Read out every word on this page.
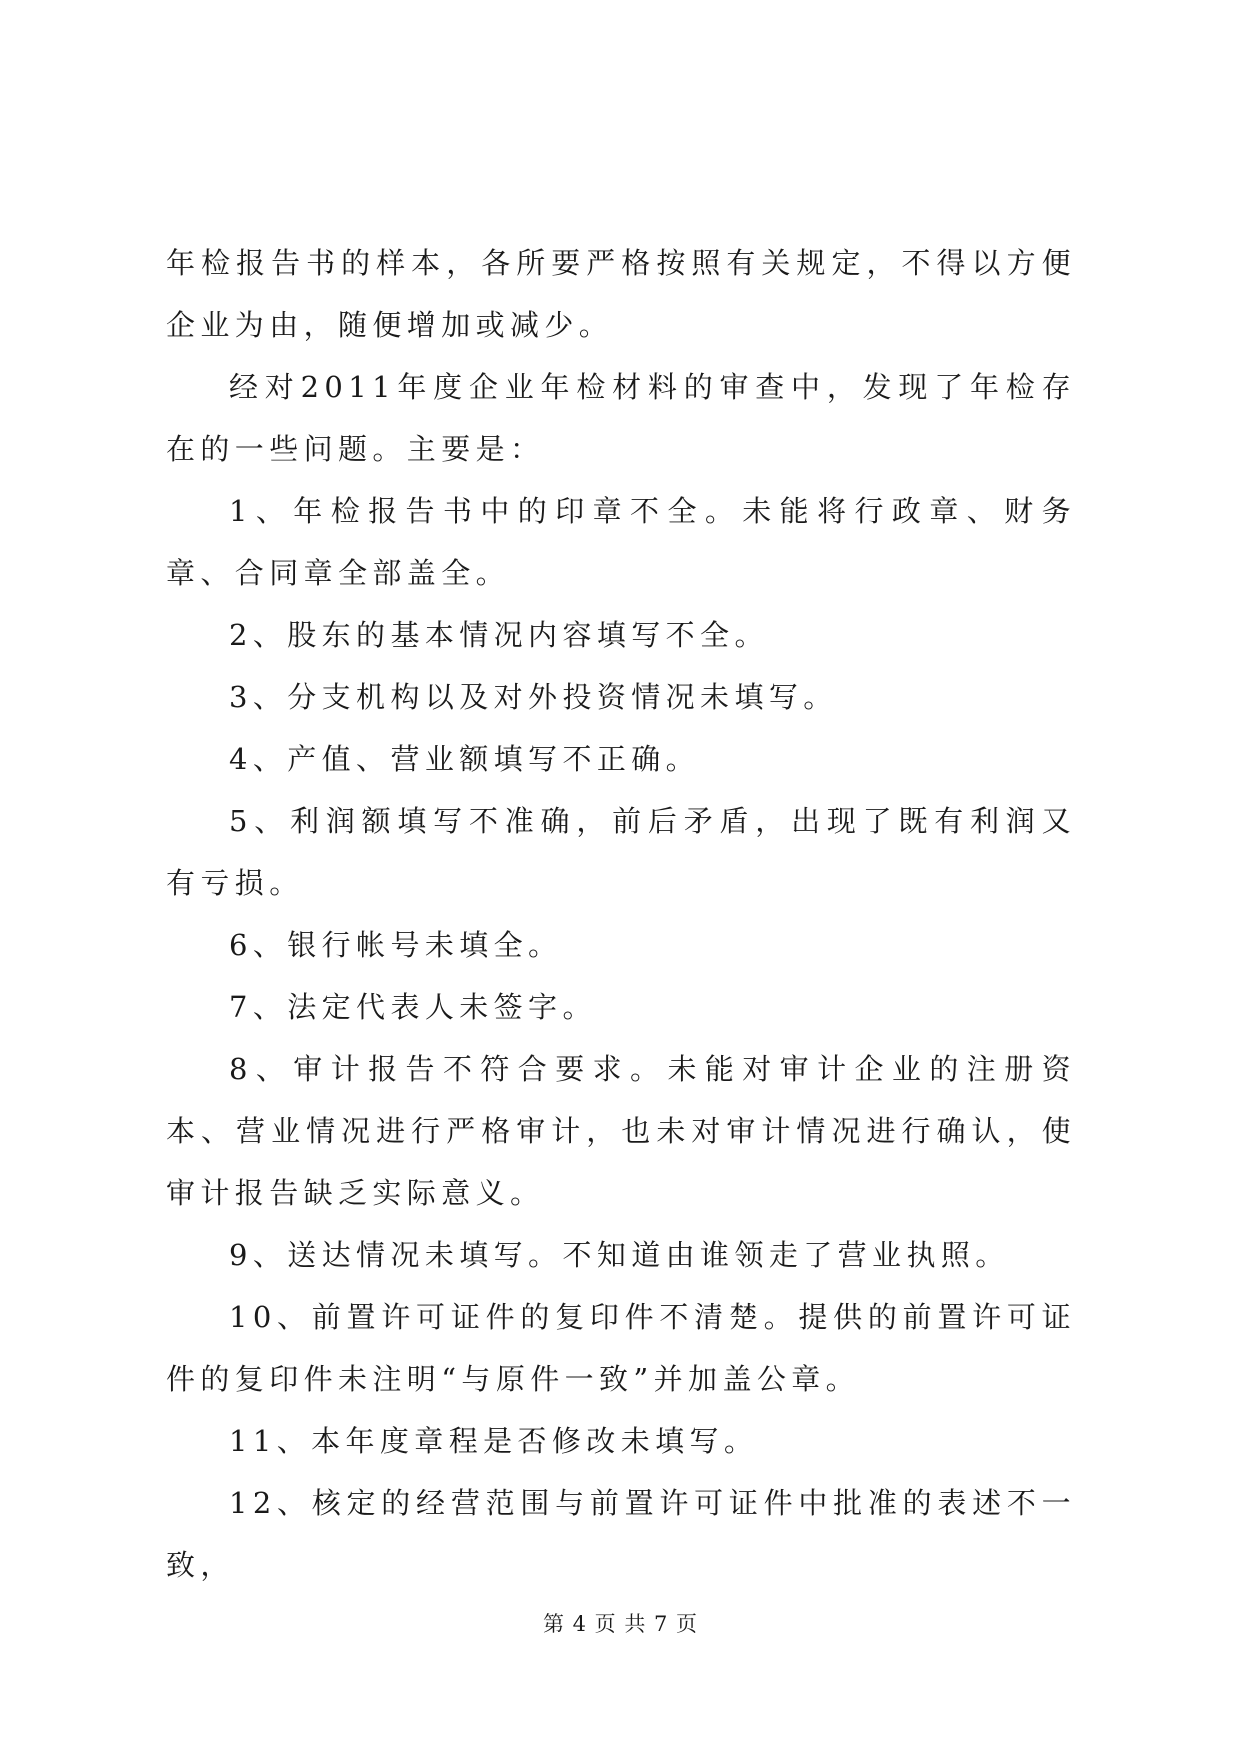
年检报告书的样本，各所要严格按照有关规定，不得以方便企业为由，随便增加或减少。

经对2011年度企业年检材料的审查中，发现了年检存在的一些问题。主要是：

1、年检报告书中的印章不全。未能将行政章、财务章、合同章全部盖全。

2、股东的基本情况内容填写不全。

3、分支机构以及对外投资情况未填写。

4、产值、营业额填写不正确。

5、利润额填写不准确，前后矛盾，出现了既有利润又有亏损。

6、银行帐号未填全。

7、法定代表人未签字。

8、审计报告不符合要求。未能对审计企业的注册资本、营业情况进行严格审计，也未对审计情况进行确认，使审计报告缺乏实际意义。

9、送达情况未填写。不知道由谁领走了营业执照。

10、前置许可证件的复印件不清楚。提供的前置许可证件的复印件未注明“与原件一致”并加盖公章。

11、本年度章程是否修改未填写。

12、核定的经营范围与前置许可证件中批准的表述不一致，

第 4 页 共 7 页
